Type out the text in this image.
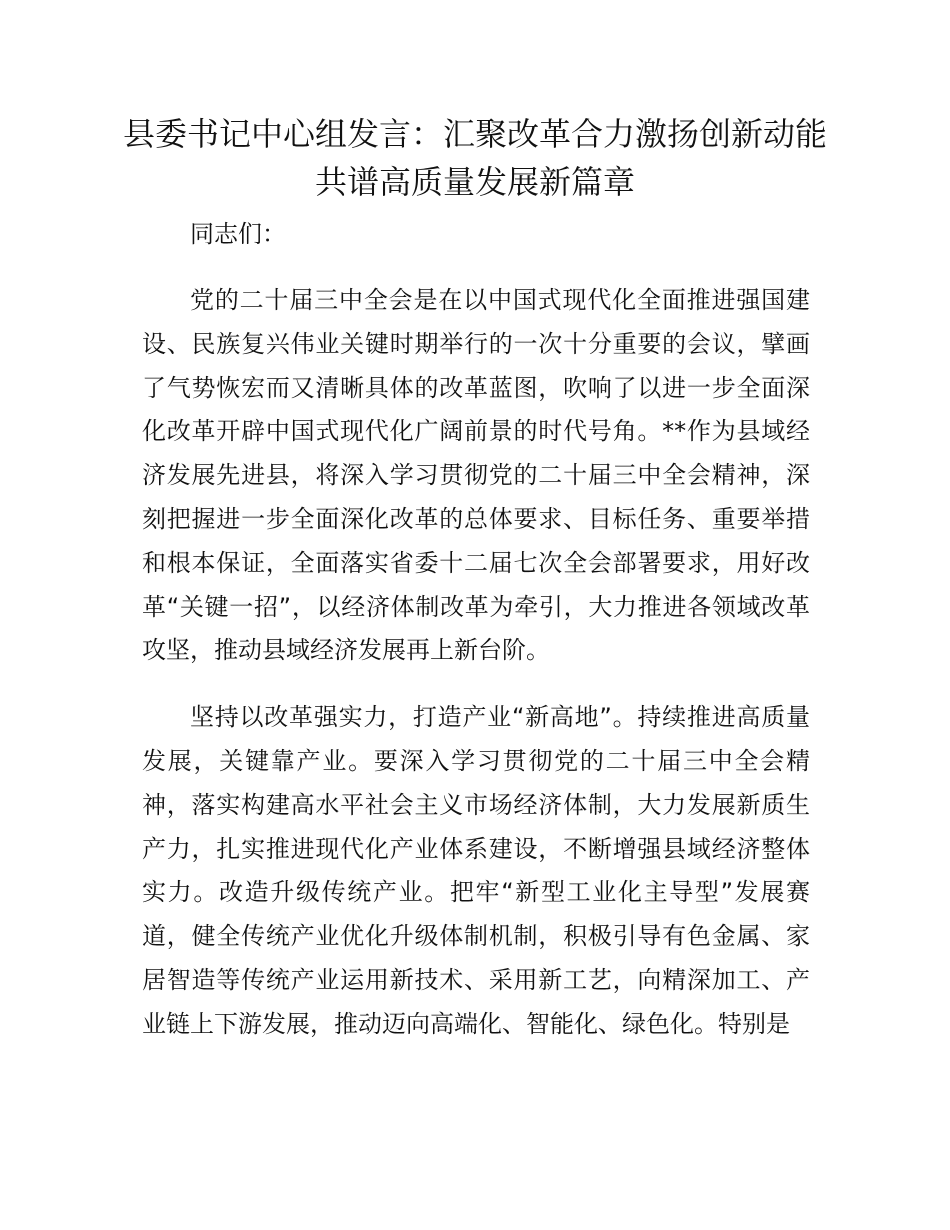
县委书记中心组发言：汇聚改革合力激扬创新动能共谱高质量发展新篇章

同志们：

党的二十届三中全会是在以中国式现代化全面推进强国建设、民族复兴伟业关键时期举行的一次十分重要的会议，擘画了气势恢宏而又清晰具体的改革蓝图，吹响了以进一步全面深化改革开辟中国式现代化广阔前景的时代号角。**作为县域经济发展先进县，将深入学习贯彻党的二十届三中全会精神，深刻把握进一步全面深化改革的总体要求、目标任务、重要举措和根本保证，全面落实省委十二届七次全会部署要求，用好改革“关键一招”，以经济体制改革为牵引，大力推进各领域改革攻坚，推动县域经济发展再上新台阶。

坚持以改革强实力，打造产业“新高地”。持续推进高质量发展，关键靠产业。要深入学习贯彻党的二十届三中全会精神，落实构建高水平社会主义市场经济体制，大力发展新质生产力，扎实推进现代化产业体系建设，不断增强县域经济整体实力。改造升级传统产业。把牢“新型工业化主导型”发展赛道，健全传统产业优化升级体制机制，积极引导有色金属、家居智造等传统产业运用新技术、采用新工艺，向精深加工、产业链上下游发展，推动迈向高端化、智能化、绿色化。特别是
